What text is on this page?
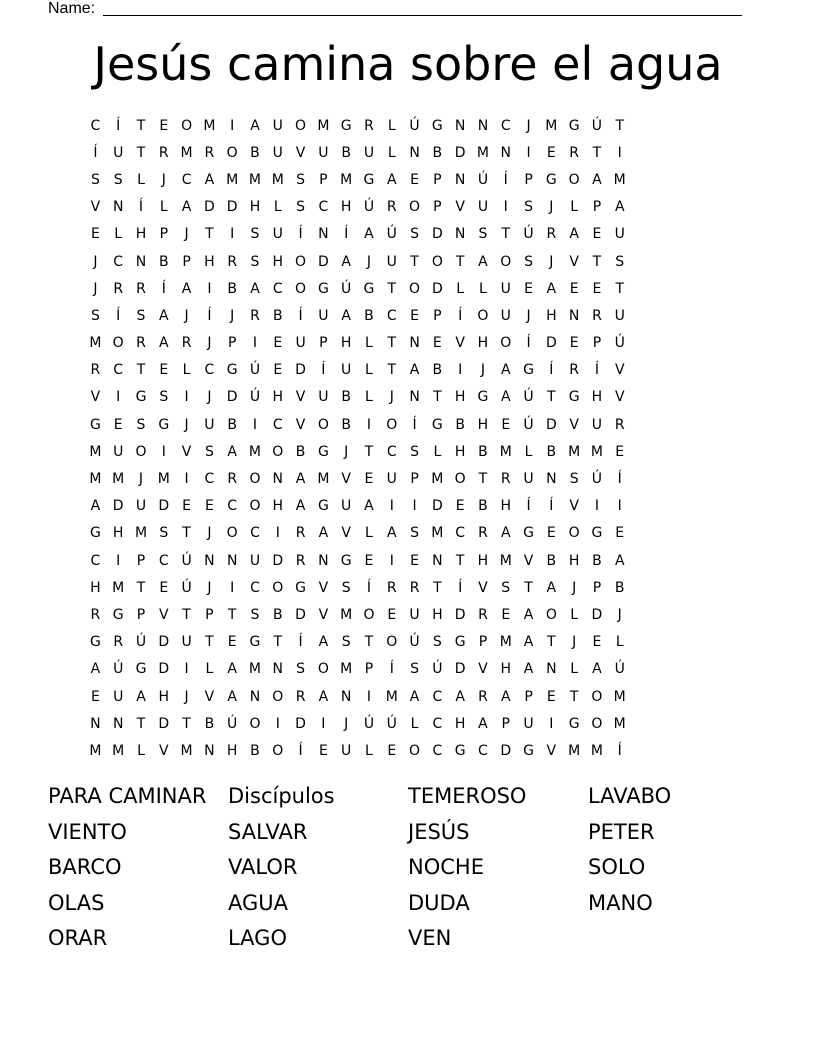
Name:
Jesús camina sobre el agua
C	Í	T	E O M	I	A U O M G R	L Ú G N N C	J	M G Ú T
Í	U T R M R O B U V U B U L N B D M N	I	E R T	I
S S	L	J	C A M M M S	P M G A E	P N Ú	Í	P G O A M
V N	Í	L	A D D H L	S C H Ú R O P V U	I	S	J	L	P A
E	L H P	J	T	I	S U	Í	N	Í	A Ú S D N S	T Ú R A E U
J	C N B P H R S H O D A	J	U T O T A O S	J	V T	S
J	R R	Í	A	I	B A C O G Ú G T O D L	L U E A E E	T
S	Í	S A	J	Í	J	R B	Í	U A B C E	P	Í	O U	J	H N R U
M O R A R	J	P	I	E U P H L	T N E V H O	Í	D E	P Ú
R C T	E	L	C G Ú E D	Í	U L	T A B	I	J	A G	Í	R	Í	V
V	I	G S	I	J	D Ú H V U B	L	J	N T H G A Ú T G H V
G E S G	J	U B	I	C V O B	I	O	Í	G B H E Ú D V U R
M U O	I	V S A M O B G	J	T C S	L H B M L	B M M E
M M	J	M	I	C R O N A M V E U P M O T R U N S Ú	Í
A D U D E E C O H A G U A	I	I	D E B H	Í	Í	V	I	I
G H M S	T	J	O C	I	R A V	L	A S M C R A G E O G E
C	I	P C Ú N N U D R N G E	I	E N T H M V B H B A
H M T	E Ú	J	I	C O G V S	Í	R R T	Í	V S	T A	J	P B
R G P V T	P	T	S B D V M O E U H D R E A O L D	J
G R Ú D U T	E G T	Í	A S	T O Ú S G P M A T	J	E	L
A Ú G D	I	L	A M N S O M P	Í	S Ú D V H A N L	A Ú
E U A H	J	V A N O R A N	I	M A C A R A P	E	T O M
N N T D T B Ú O	I	D	I	J	Ú Ú L	C H A P U	I	G O M
M M L	V M N H B O	Í	E U L	E O C G C D G V M M	Í
PARA CAMINAR	Discípulos	TEMEROSO	LAVABO
VIENTO	SALVAR	JESÚS	PETER
BARCO	VALOR	NOCHE	SOLO
OLAS	AGUA	DUDA	MANO
ORAR	LAGO	VEN
